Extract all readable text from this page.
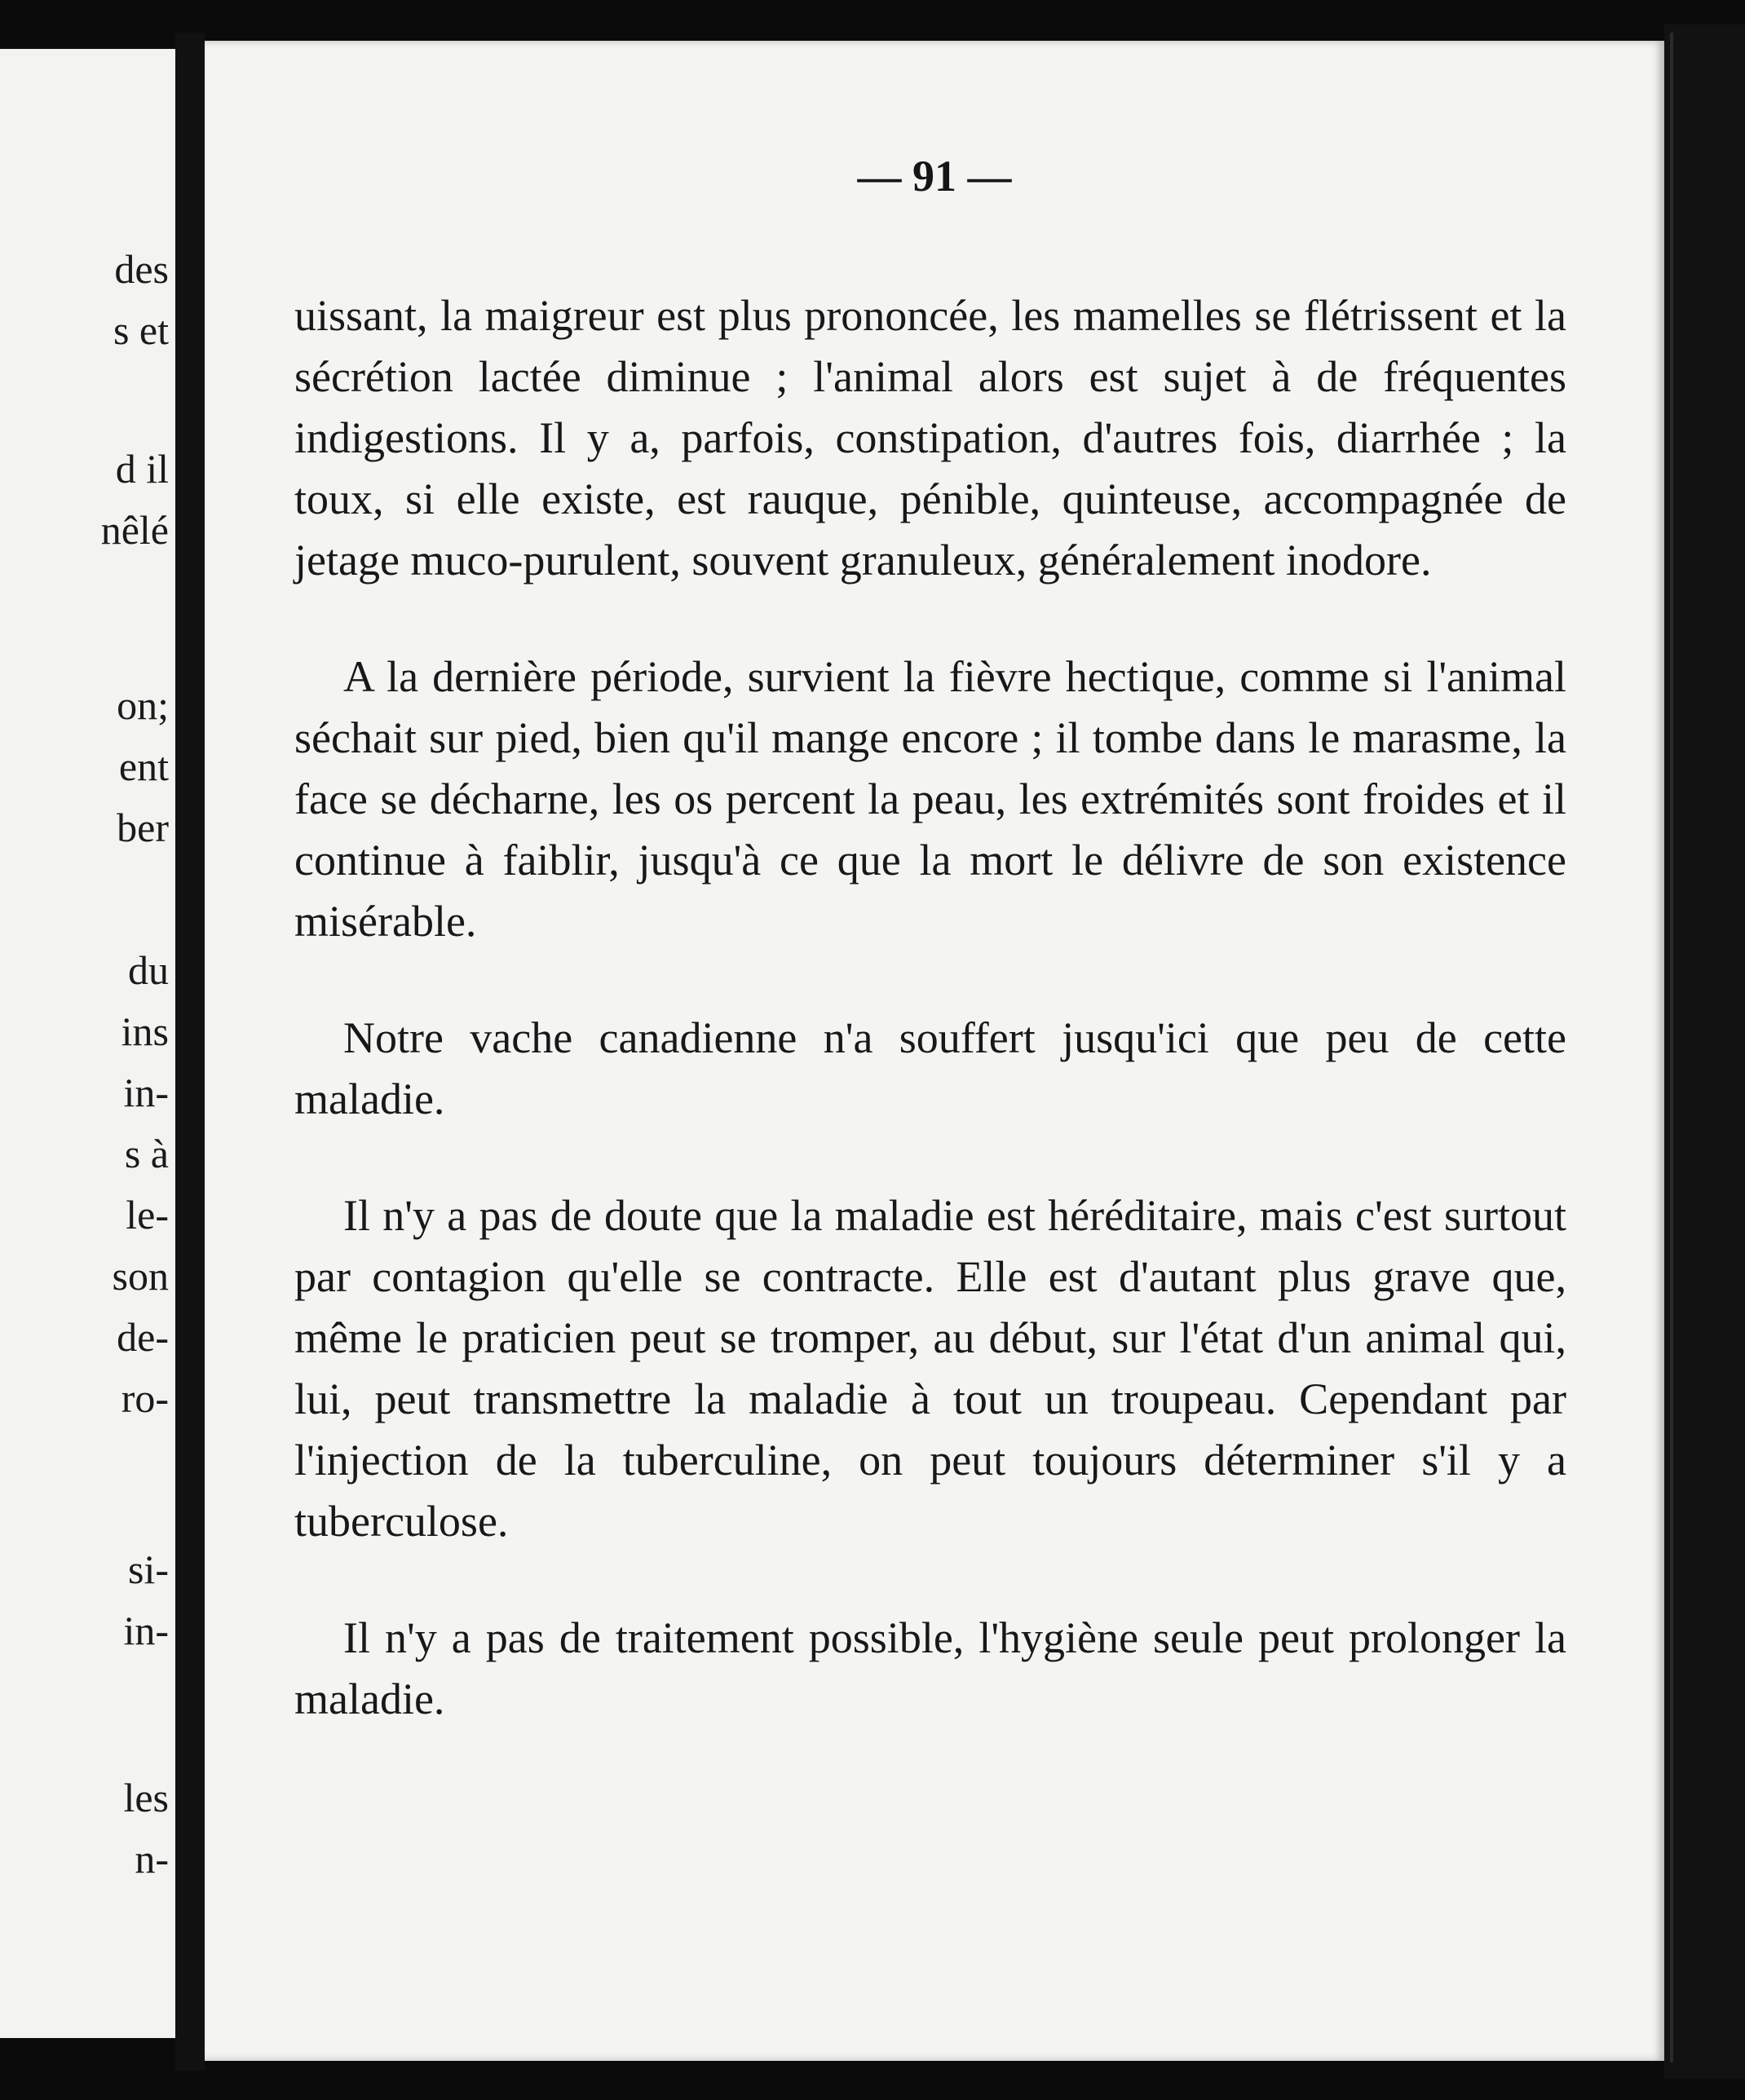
des

s et

d il

nêlé

on;

ent

ber

du

ins

in-

s à

le-

son

de-

ro-

si-

in-

les

n-

— 91 —

uissant, la maigreur est plus prononcée, les mamelles se flétrissent et la sécrétion lactée diminue ; l'animal alors est sujet à de fréquentes indigestions. Il y a, parfois, constipation, d'autres fois, diarrhée ; la toux, si elle existe, est rauque, pénible, quinteuse, accompagnée de jetage muco-purulent, souvent granuleux, généralement inodore.

A la dernière période, survient la fièvre hectique, comme si l'animal séchait sur pied, bien qu'il mange encore ; il tombe dans le marasme, la face se décharne, les os percent la peau, les extrémités sont froides et il continue à faiblir, jusqu'à ce que la mort le délivre de son existence misérable.

Notre vache canadienne n'a souffert jusqu'ici que peu de cette maladie.

Il n'y a pas de doute que la maladie est héréditaire, mais c'est surtout par contagion qu'elle se contracte. Elle est d'autant plus grave que, même le praticien peut se tromper, au début, sur l'état d'un animal qui, lui, peut transmettre la maladie à tout un troupeau. Cependant par l'injection de la tuberculine, on peut toujours déterminer s'il y a tuberculose.

Il n'y a pas de traitement possible, l'hygiène seule peut prolonger la maladie.
